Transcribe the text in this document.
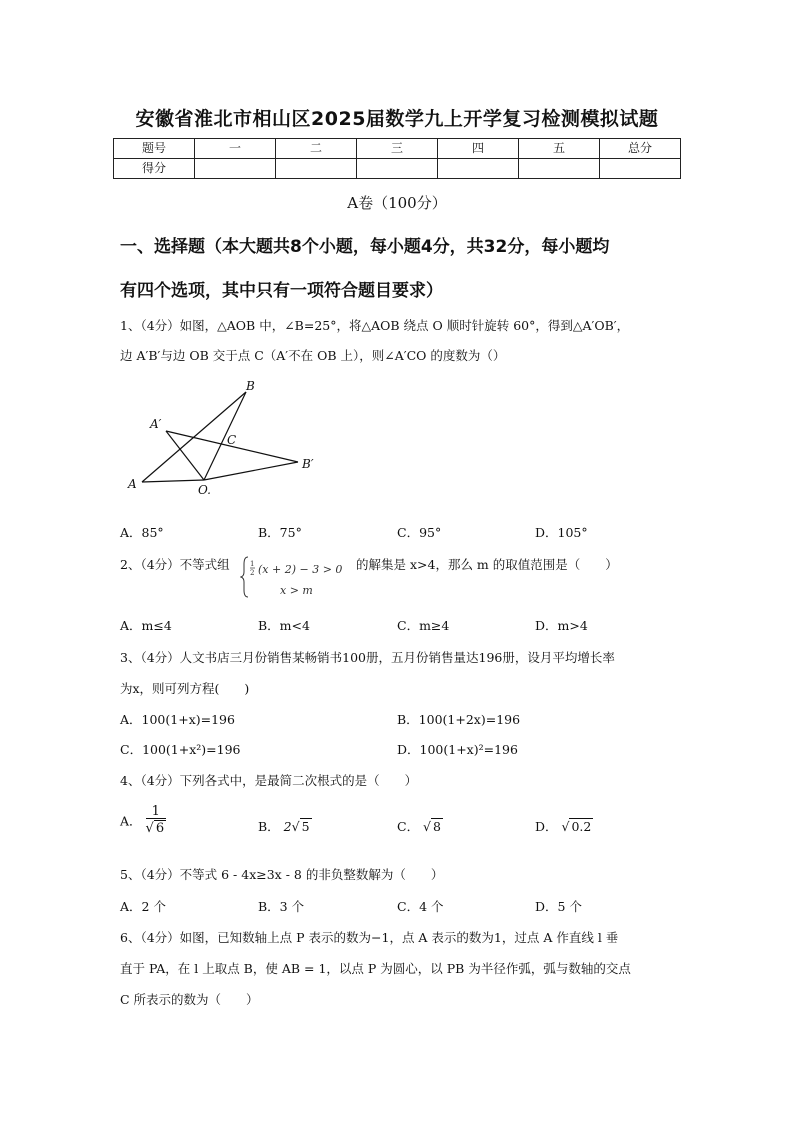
安徽省淮北市相山区2025届数学九上开学复习检测模拟试题
题号	一	二	三	四	五	总分
得分						
A卷（100分）
一、选择题（本大题共8个小题，每小题4分，共32分，每小题均
有四个选项，其中只有一项符合题目要求）
1、（4分）如图，△AOB 中，∠B=25°，将△AOB 绕点 O 顺时针旋转 60°，得到△A′OB′，
边 A′B′与边 OB 交于点 C（A′不在 OB 上），则∠A′CO 的度数为（）
B
A′
C
B′
A	O.
A．85°	B．75°	C．95°	D．105°
2、（4分）不等式组	1
2 (x + 2) − 3 > 0
x > m
的解集是 x>4，那么 m 的取值范围是（　　）
A．m≤4	B．m<4	C．m≥4	D．m>4
3、（4分）人文书店三月份销售某畅销书100册，五月份销售量达196册，设月平均增长率
为x，则可列方程(　　)
A．100(1+x)=196	B．100(1+2x)=196
C．100(1+x²)=196	D．100(1+x)²=196
4、（4分）下列各式中，是最简二次根式的是（　　）
A． $\frac{1}{√ 6}$	B． 2√ 5	C． √ 8	D． √ 0.2
5、（4分）不等式 6 - 4x≥3x - 8 的非负整数解为（　　）
A．2 个	B．3 个	C．4 个	D．5 个
6、（4分）如图，已知数轴上点 P 表示的数为−1，点 A 表示的数为1，过点 A 作直线 l 垂
直于 PA，在 l 上取点 B，使 AB = 1，以点 P 为圆心，以 PB 为半径作弧，弧与数轴的交点
C 所表示的数为（　　）
